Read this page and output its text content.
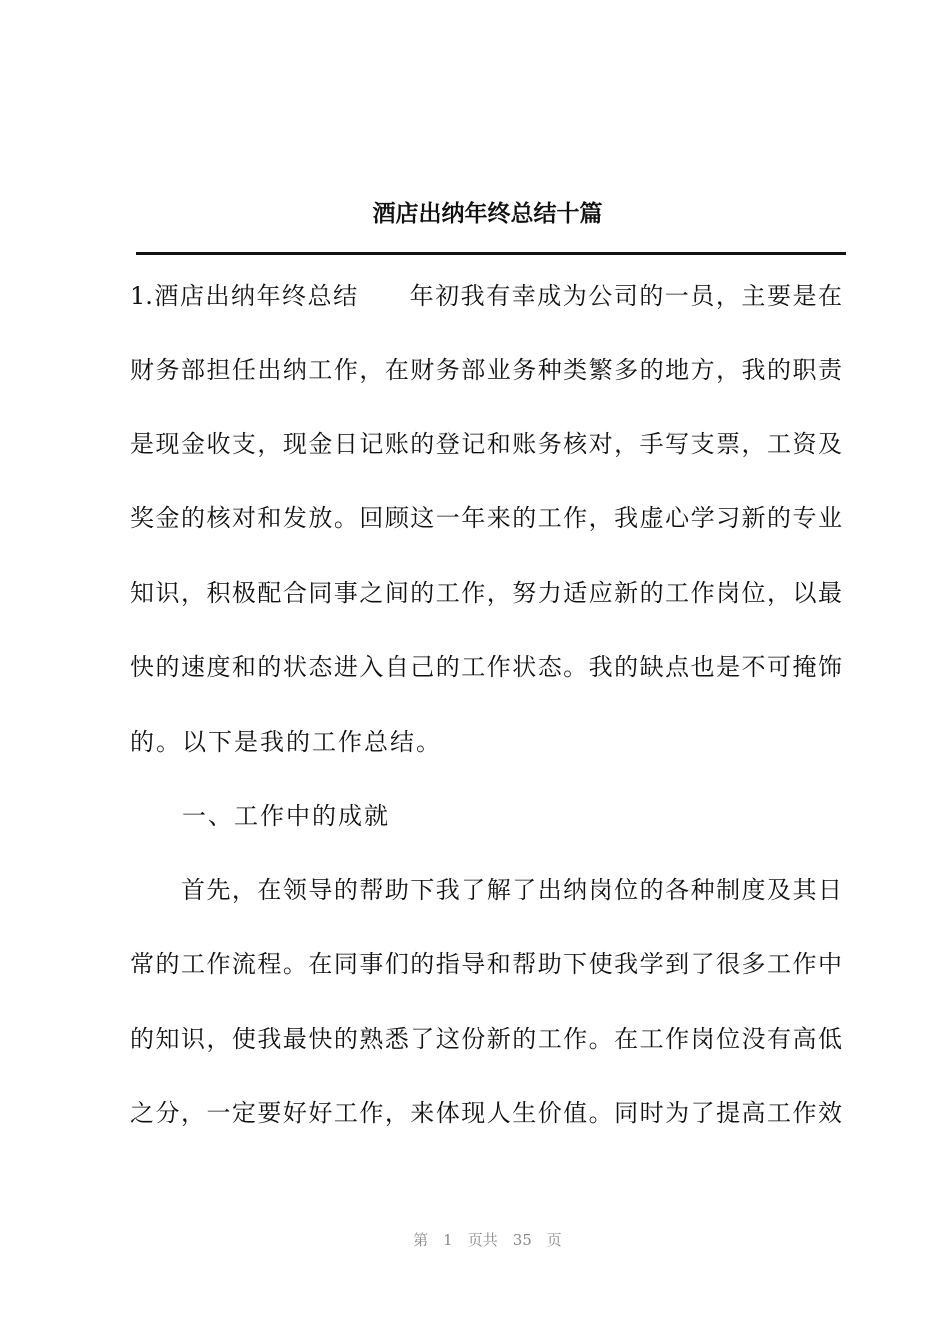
酒店出纳年终总结十篇
1.酒店出纳年终总结　　年初我有幸成为公司的一员，主要是在
财务部担任出纳工作，在财务部业务种类繁多的地方，我的职责
是现金收支，现金日记账的登记和账务核对，手写支票，工资及
奖金的核对和发放。回顾这一年来的工作，我虚心学习新的专业
知识，积极配合同事之间的工作，努力适应新的工作岗位，以最
快的速度和的状态进入自己的工作状态。我的缺点也是不可掩饰
的。以下是我的工作总结。
　　一、工作中的成就
　　首先，在领导的帮助下我了解了出纳岗位的各种制度及其日
常的工作流程。在同事们的指导和帮助下使我学到了很多工作中
的知识，使我最快的熟悉了这份新的工作。在工作岗位没有高低
之分，一定要好好工作，来体现人生价值。同时为了提高工作效
第　1　页共　35　页
